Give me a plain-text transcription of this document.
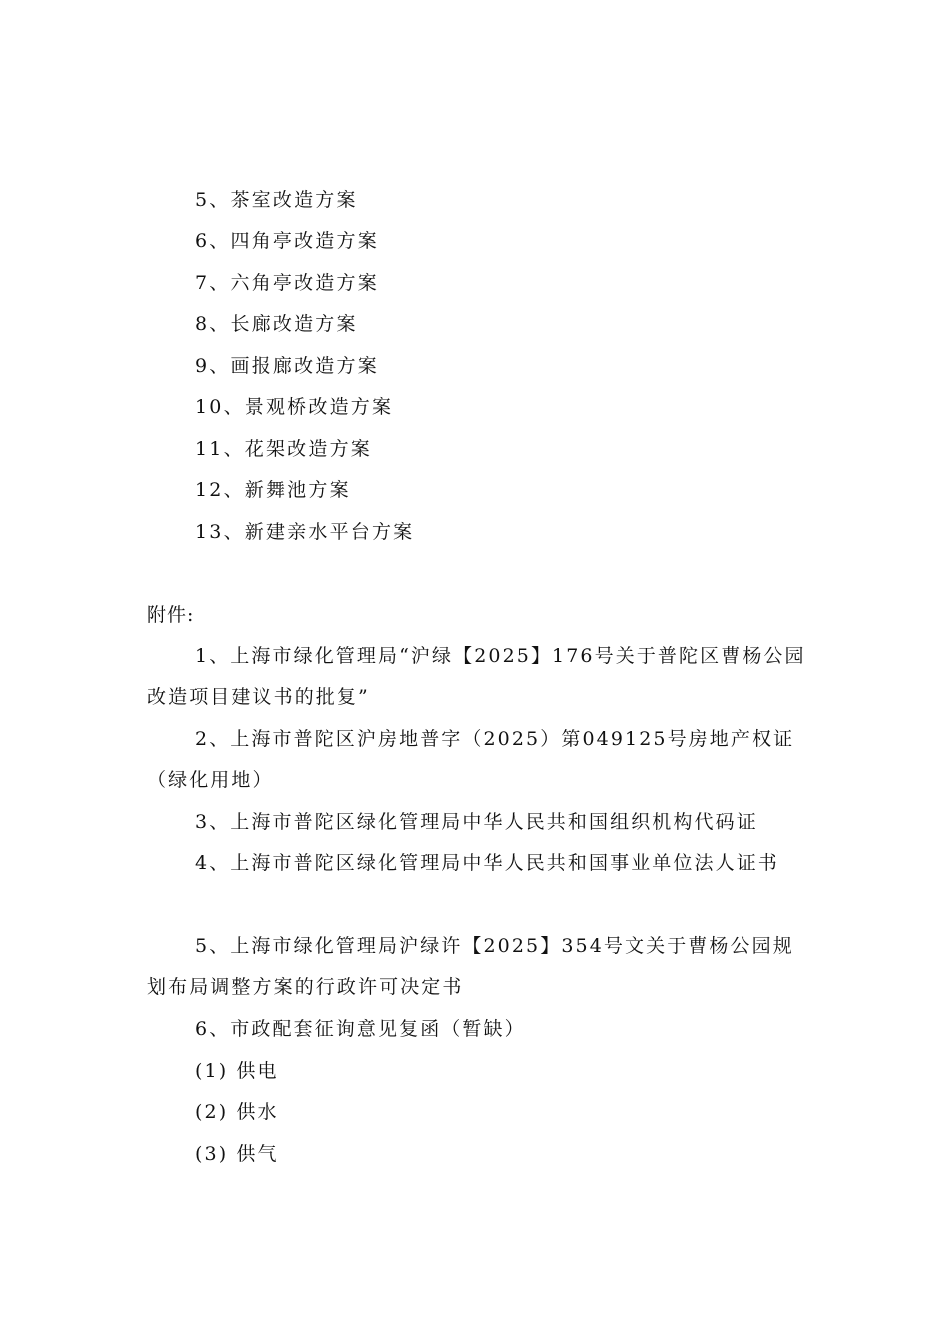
5、茶室改造方案
6、四角亭改造方案
7、六角亭改造方案
8、长廊改造方案
9、画报廊改造方案
10、景观桥改造方案
11、花架改造方案
12、新舞池方案
13、新建亲水平台方案
附件:
1、上海市绿化管理局“沪绿【2025】176号关于普陀区曹杨公园改造项目建议书的批复”
2、上海市普陀区沪房地普字（2025）第049125号房地产权证（绿化用地）
3、上海市普陀区绿化管理局中华人民共和国组织机构代码证
4、上海市普陀区绿化管理局中华人民共和国事业单位法人证书
5、上海市绿化管理局沪绿许【2025】354号文关于曹杨公园规划布局调整方案的行政许可决定书
6、市政配套征询意见复函（暂缺）
(1) 供电
(2) 供水
(3) 供气
